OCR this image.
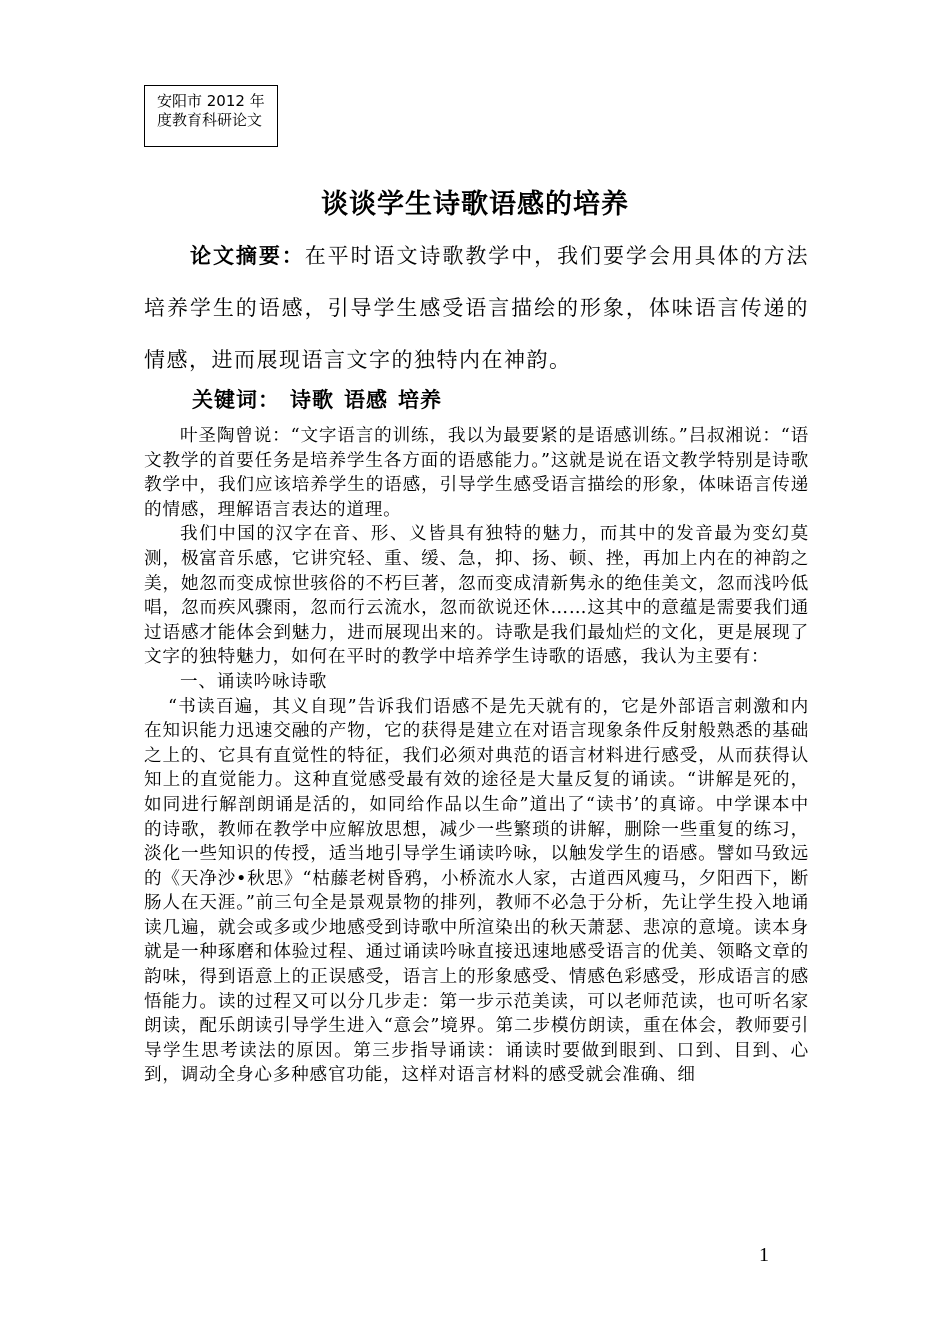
安阳市 2012 年
度教育科研论文
谈谈学生诗歌语感的培养
论文摘要：在平时语文诗歌教学中，我们要学会用具体的方法培养学生的语感，引导学生感受语言描绘的形象，体味语言传递的情感，进而展现语言文字的独特内在神韵。
关键词： 诗歌 语感 培养

叶圣陶曾说：“文字语言的训练，我以为最要紧的是语感训练。”吕叔湘说：“语文教学的首要任务是培养学生各方面的语感能力。”这就是说在语文教学特别是诗歌教学中，我们应该培养学生的语感，引导学生感受语言描绘的形象，体味语言传递的情感，理解语言表达的道理。

我们中国的汉字在音、形、义皆具有独特的魅力，而其中的发音最为变幻莫测，极富音乐感，它讲究轻、重、缓、急，抑、扬、顿、挫，再加上内在的神韵之美，她忽而变成惊世骇俗的不朽巨著，忽而变成清新隽永的绝佳美文，忽而浅吟低唱，忽而疾风骤雨，忽而行云流水，忽而欲说还休……这其中的意蕴是需要我们通过语感才能体会到魅力，进而展现出来的。诗歌是我们最灿烂的文化，更是展现了文字的独特魅力，如何在平时的教学中培养学生诗歌的语感，我认为主要有：

一、诵读吟咏诗歌

“书读百遍，其义自现”告诉我们语感不是先天就有的，它是外部语言刺激和内在知识能力迅速交融的产物，它的获得是建立在对语言现象条件反射般熟悉的基础之上的、它具有直觉性的特征，我们必须对典范的语言材料进行感受，从而获得认知上的直觉能力。这种直觉感受最有效的途径是大量反复的诵读。“讲解是死的，如同进行解剖朗诵是活的，如同给作品以生命”道出了“读书’的真谛。中学课本中的诗歌，教师在教学中应解放思想，减少一些繁琐的讲解，删除一些重复的练习，淡化一些知识的传授，适当地引导学生诵读吟咏，以触发学生的语感。譬如马致远的《天净沙•秋思》“枯藤老树昏鸦，小桥流水人家，古道西风瘦马，夕阳西下，断肠人在天涯。”前三句全是景观景物的排列，教师不必急于分析，先让学生投入地诵读几遍，就会或多或少地感受到诗歌中所渲染出的秋天萧瑟、悲凉的意境。读本身就是一种琢磨和体验过程、通过诵读吟咏直接迅速地感受语言的优美、领略文章的韵味，得到语意上的正误感受，语言上的形象感受、情感色彩感受，形成语言的感悟能力。读的过程又可以分几步走：第一步示范美读，可以老师范读，也可听名家朗读，配乐朗读引导学生进入“意会”境界。第二步模仿朗读，重在体会，教师要引导学生思考读法的原因。第三步指导诵读：诵读时要做到眼到、口到、目到、心到，调动全身心多种感官功能，这样对语言材料的感受就会准确、细

1
